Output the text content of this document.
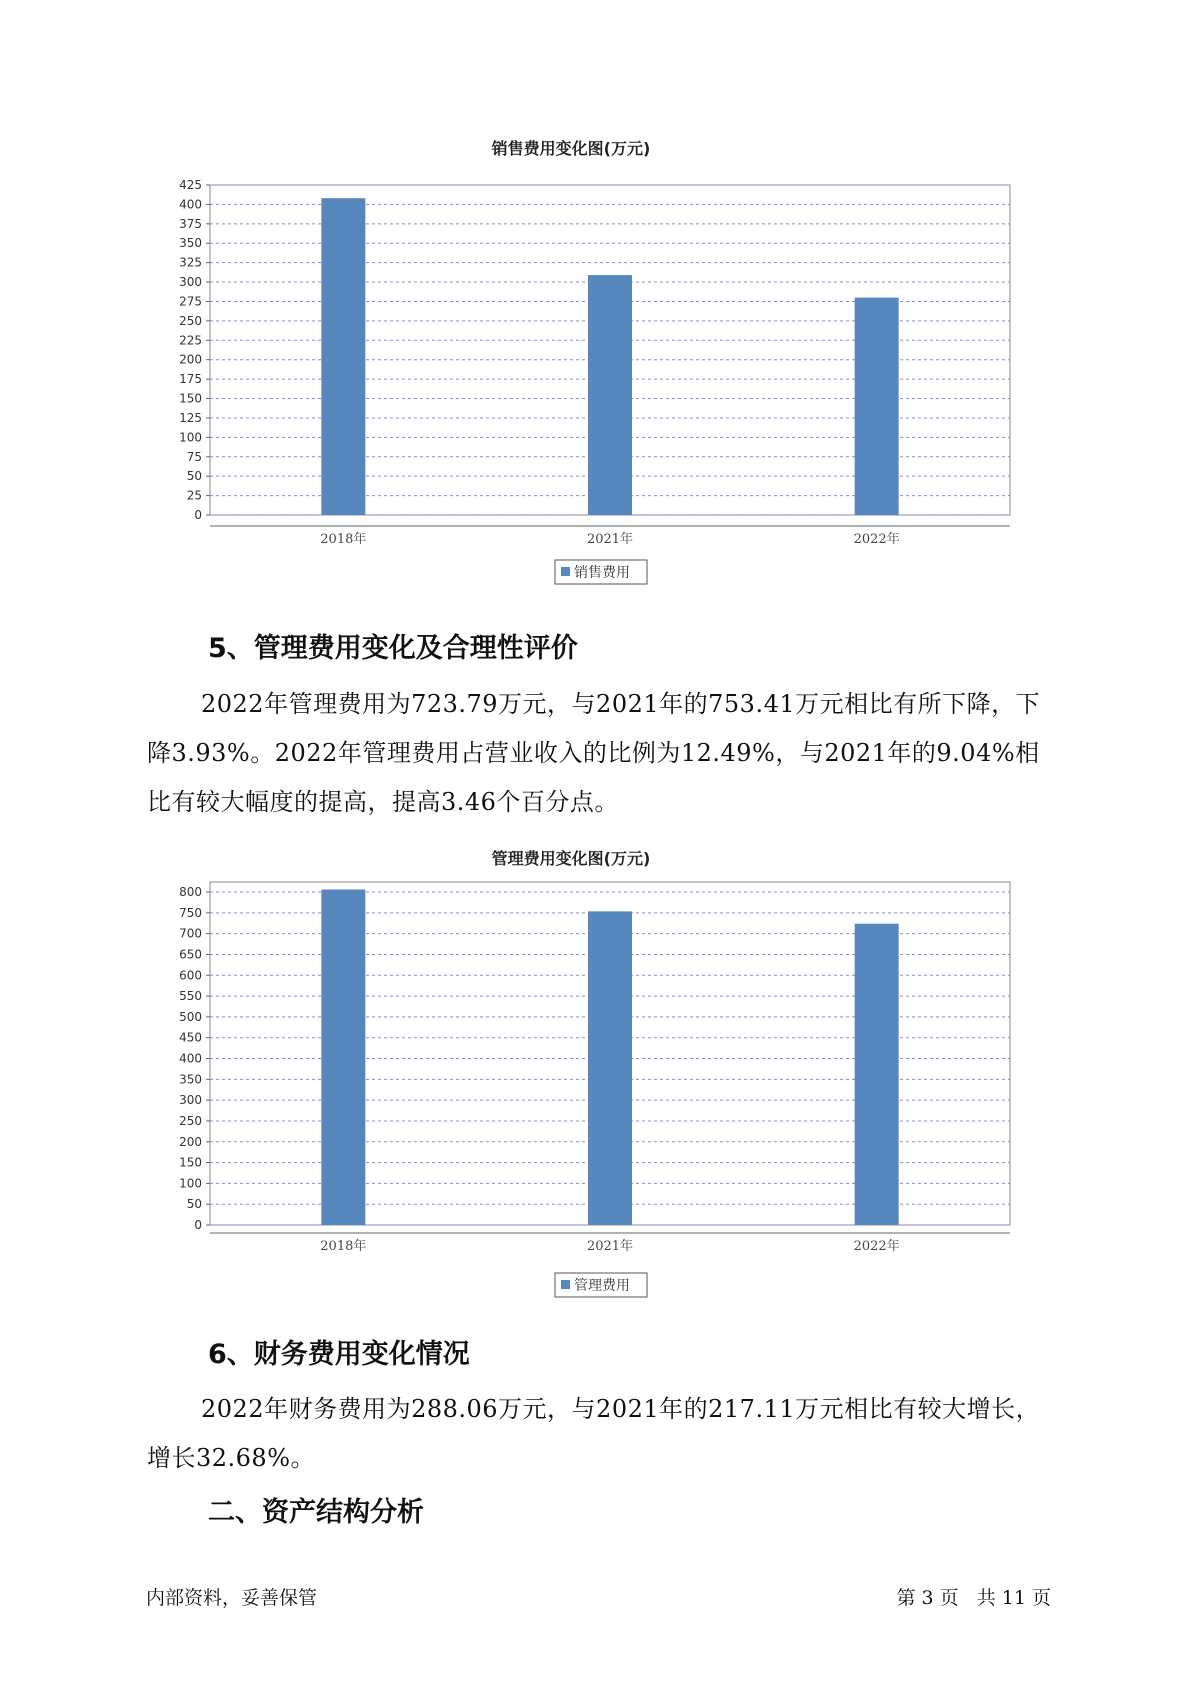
销售费用变化图(万元)
0
25
50
75
100
125
150
175
200
225
250
275
300
325
350
375
400
425
2018年	2021年	2022年
销售费用
5、管理费用变化及合理性评价

2022年管理费用为723.79万元，与2021年的753.41万元相比有所下降，下降3.93%。2022年管理费用占营业收入的比例为12.49%，与2021年的9.04%相比有较大幅度的提高，提高3.46个百分点。

管理费用变化图(万元)
0
50
100
150
200
250
300
350
400
450
500
550
600
650
700
750
800
2018年	2021年	2022年
管理费用
6、财务费用变化情况

2022年财务费用为288.06万元，与2021年的217.11万元相比有较大增长，增长32.68%。

二、资产结构分析
内部资料，妥善保管	第 3 页   共 11 页
